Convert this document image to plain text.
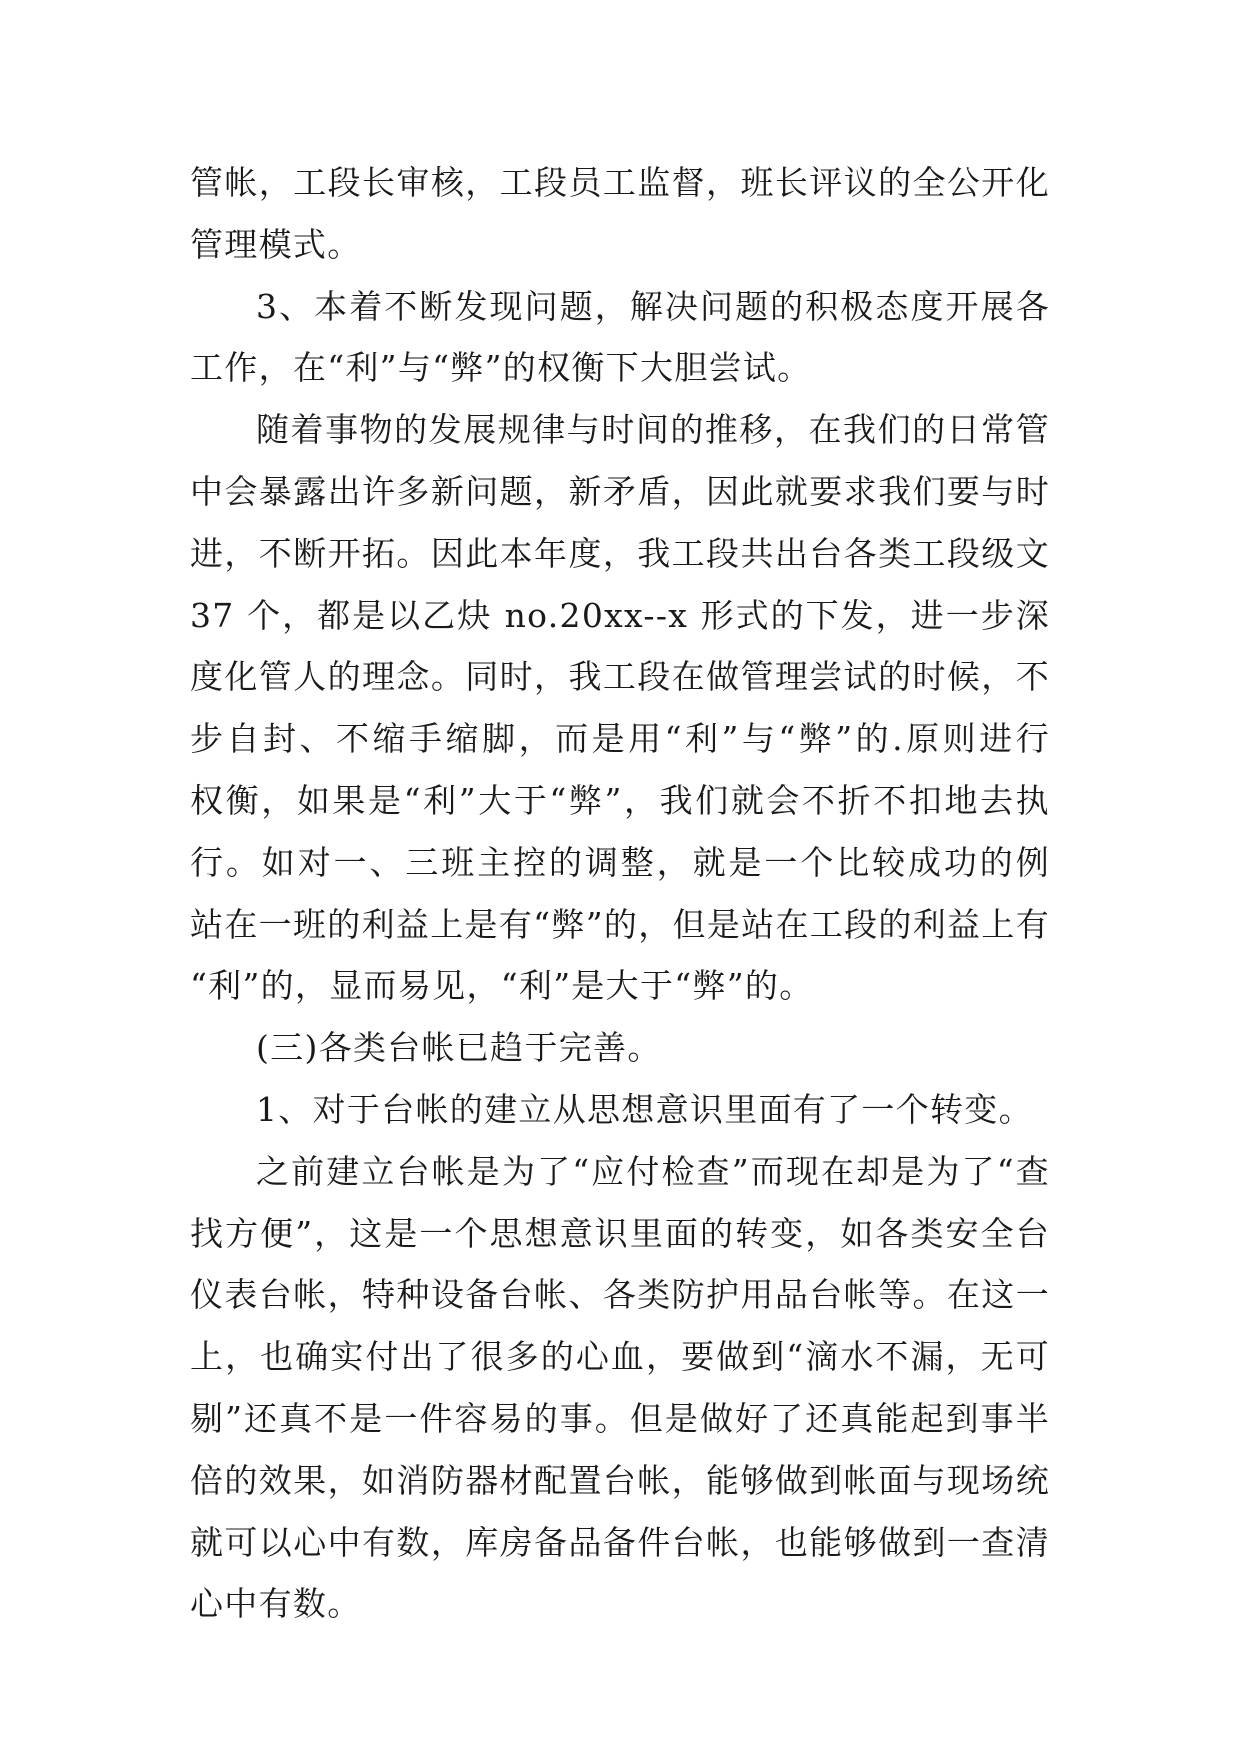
管帐，工段长审核，工段员工监督，班长评议的全公开化
管理模式。
3、本着不断发现问题，解决问题的积极态度开展各
工作，在“利”与“弊”的权衡下大胆尝试。
随着事物的发展规律与时间的推移，在我们的日常管
中会暴露出许多新问题，新矛盾，因此就要求我们要与时
进，不断开拓。因此本年度，我工段共出台各类工段级文
37 个，都是以乙炔 no.20xx--x 形式的下发，进一步深
度化管人的理念。同时，我工段在做管理尝试的时候，不
步自封、不缩手缩脚，而是用“利”与“弊”的.原则进行
权衡，如果是“利”大于“弊”，我们就会不折不扣地去执
行。如对一、三班主控的调整，就是一个比较成功的例
站在一班的利益上是有“弊”的，但是站在工段的利益上有
“利”的，显而易见，“利”是大于“弊”的。
(三)各类台帐已趋于完善。
1、对于台帐的建立从思想意识里面有了一个转变。
之前建立台帐是为了“应付检查”而现在却是为了“查
找方便”，这是一个思想意识里面的转变，如各类安全台
仪表台帐，特种设备台帐、各类防护用品台帐等。在这一
上，也确实付出了很多的心血，要做到“滴水不漏，无可
剔”还真不是一件容易的事。但是做好了还真能起到事半
倍的效果，如消防器材配置台帐，能够做到帐面与现场统
就可以心中有数，库房备品备件台帐，也能够做到一查清
心中有数。
